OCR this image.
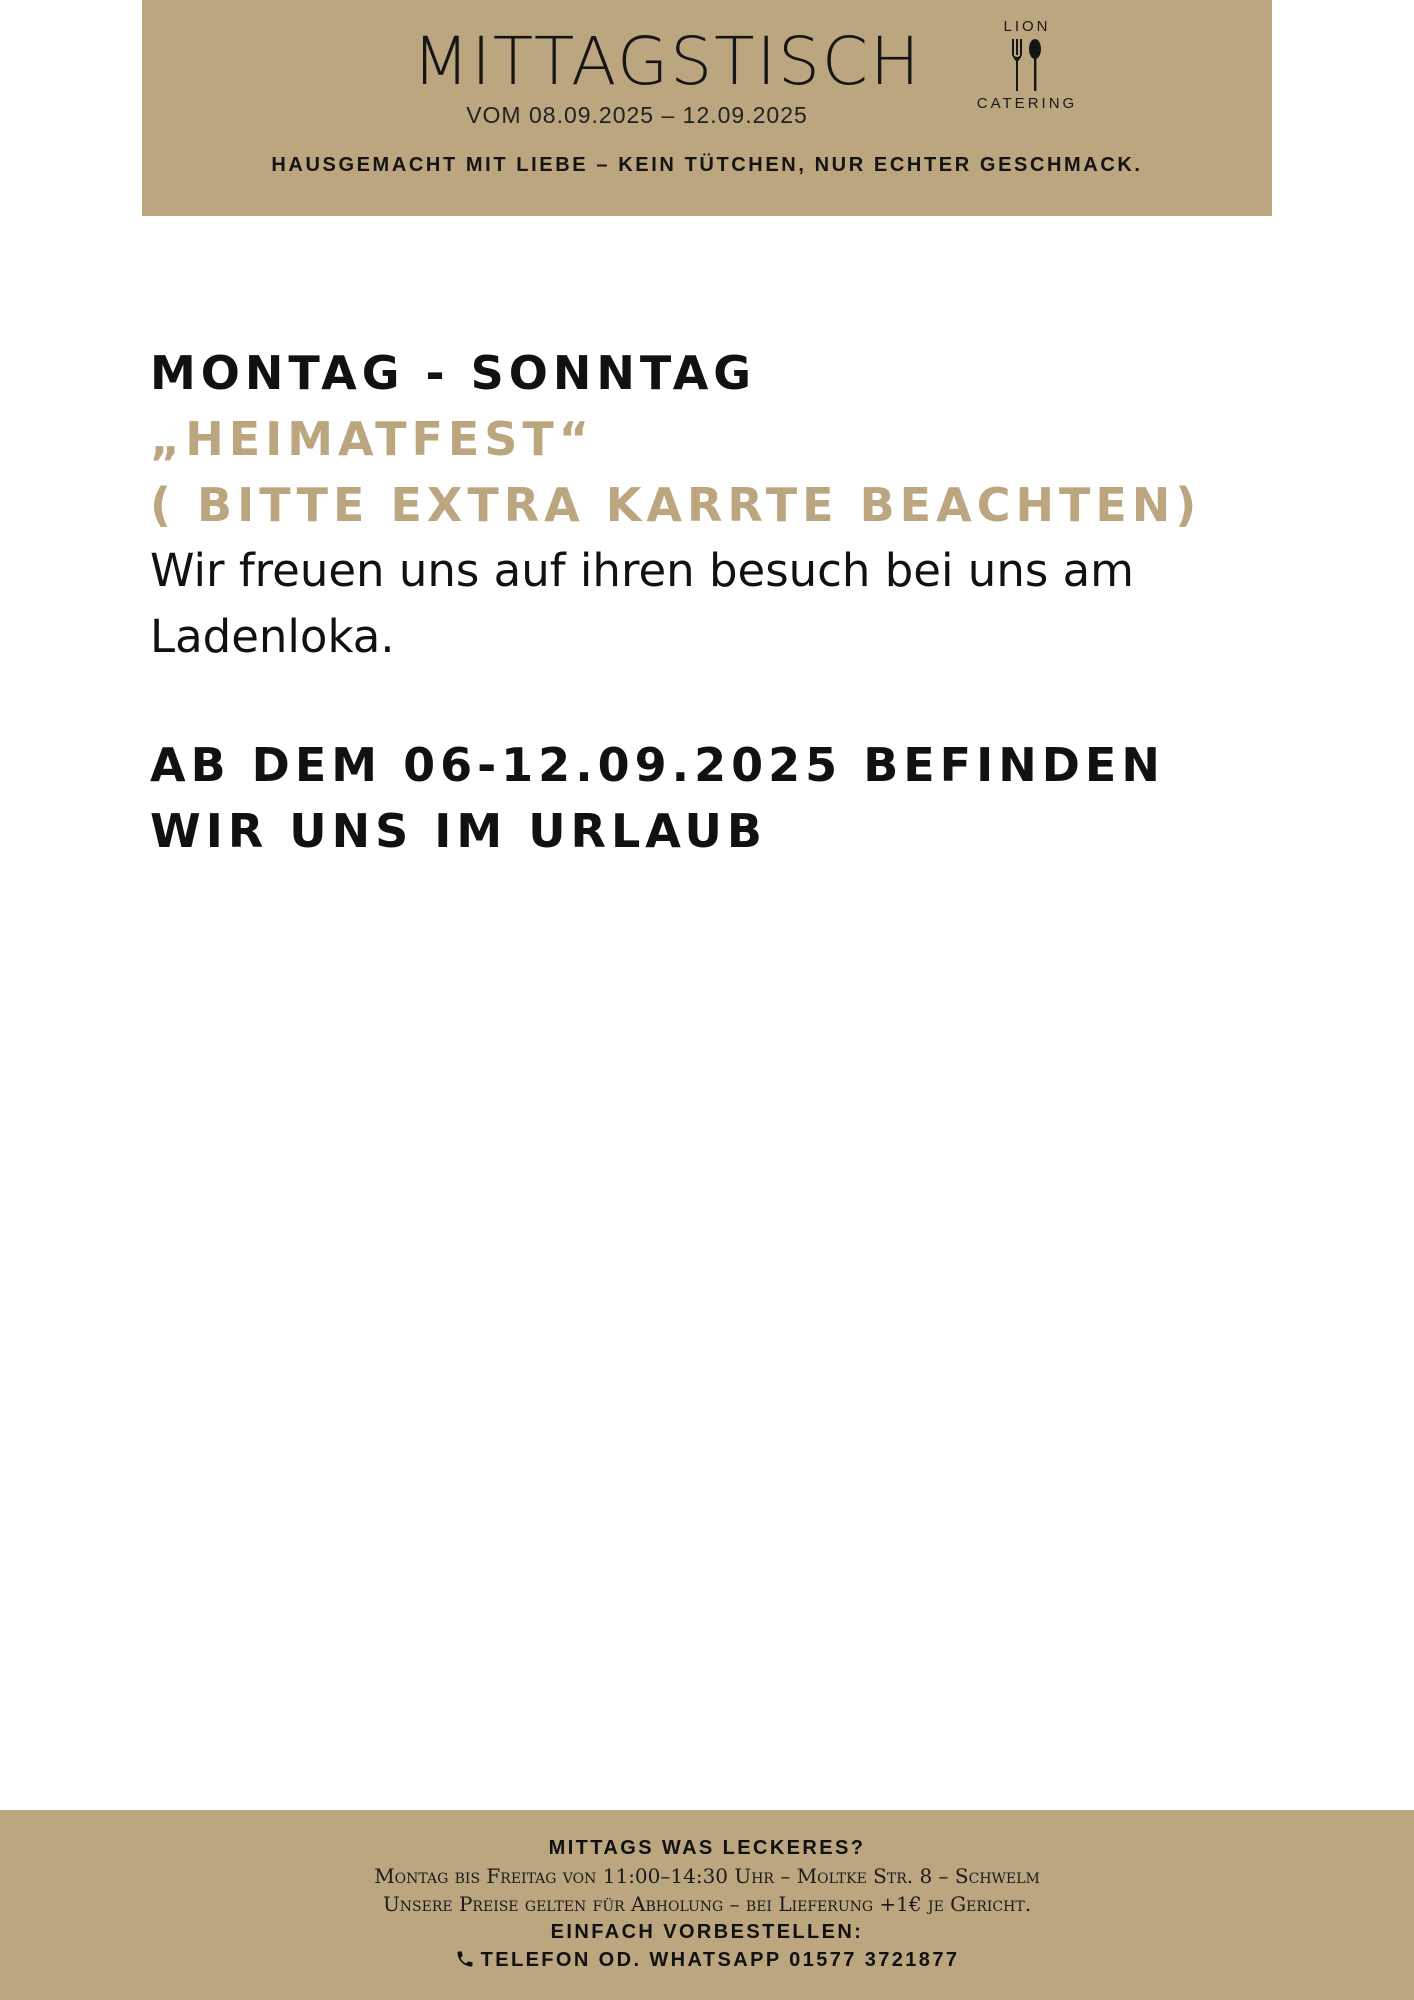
MITTAGSTISCH
VOM 08.09.2025 – 12.09.2025
HAUSGEMACHT MIT LIEBE – KEIN TÜTCHEN, NUR ECHTER GESCHMACK.
LION
CATERING

MONTAG - SONNTAG

„HEIMATFEST“

( BITTE EXTRA KARRTE BEACHTEN)

Wir freuen uns auf ihren besuch bei uns am Ladenloka.

AB DEM 06-12.09.2025 BEFINDEN WIR UNS IM URLAUB

MITTAGS WAS LECKERES?
Montag bis Freitag von 11:00–14:30 Uhr – Moltke Str. 8 – Schwelm
Unsere Preise gelten für Abholung – bei Lieferung +1€ je Gericht.
EINFACH VORBESTELLEN:
TELEFON OD. WHATSAPP 01577 3721877
